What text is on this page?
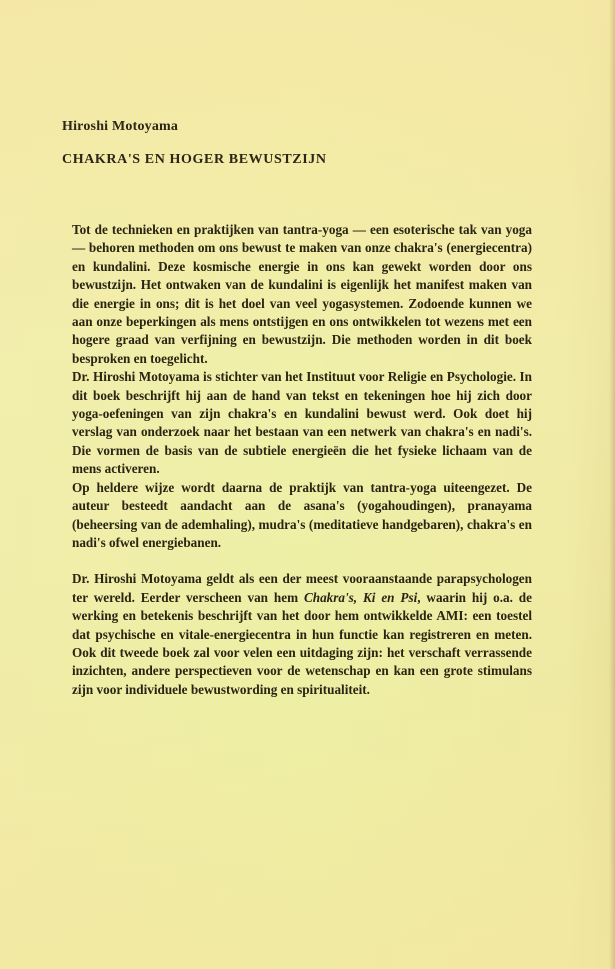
Hiroshi Motoyama
CHAKRA'S EN HOGER BEWUSTZIJN

Tot de technieken en praktijken van tantra-yoga — een esoterische tak van yoga — behoren methoden om ons bewust te maken van onze chakra's (energiecentra) en kundalini. Deze kosmische energie in ons kan gewekt worden door ons bewustzijn. Het ontwaken van de kundalini is eigenlijk het manifest maken van die energie in ons; dit is het doel van veel yogasystemen. Zodoende kunnen we aan onze beperkingen als mens ontstijgen en ons ontwikkelen tot wezens met een hogere graad van verfijning en bewustzijn. Die methoden worden in dit boek besproken en toegelicht.

Dr. Hiroshi Motoyama is stichter van het Instituut voor Religie en Psychologie. In dit boek beschrijft hij aan de hand van tekst en tekeningen hoe hij zich door yoga-oefeningen van zijn chakra's en kundalini bewust werd. Ook doet hij verslag van onderzoek naar het bestaan van een netwerk van chakra's en nadi's. Die vormen de basis van de subtiele energieën die het fysieke lichaam van de mens activeren.

Op heldere wijze wordt daarna de praktijk van tantra-yoga uiteengezet. De auteur besteedt aandacht aan de asana's (yogahoudingen), pranayama (beheersing van de ademhaling), mudra's (meditatieve handgebaren), chakra's en nadi's ofwel energiebanen.

Dr. Hiroshi Motoyama geldt als een der meest vooraanstaande parapsychologen ter wereld. Eerder verscheen van hem Chakra's, Ki en Psi, waarin hij o.a. de werking en betekenis beschrijft van het door hem ontwikkelde AMI: een toestel dat psychische en vitale-energiecentra in hun functie kan registreren en meten. Ook dit tweede boek zal voor velen een uitdaging zijn: het verschaft verrassende inzichten, andere perspectieven voor de wetenschap en kan een grote stimulans zijn voor individuele bewustwording en spiritualiteit.
